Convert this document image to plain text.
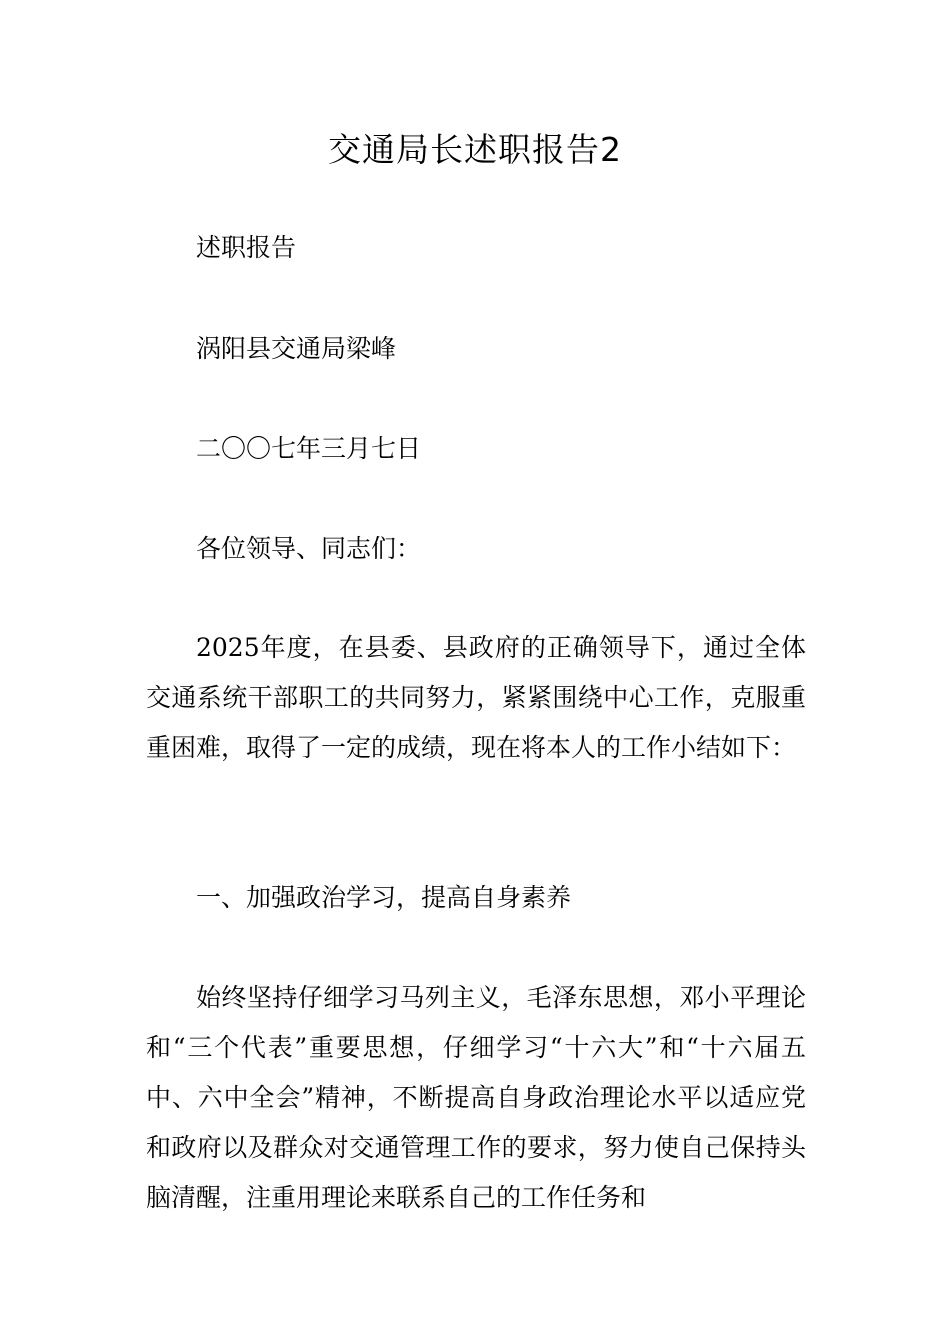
交通局长述职报告2
述职报告
涡阳县交通局梁峰
二〇〇七年三月七日
各位领导、同志们：

2025年度，在县委、县政府的正确领导下，通过全体交通系统干部职工的共同努力，紧紧围绕中心工作，克服重重困难，取得了一定的成绩，现在将本人的工作小结如下：

一、加强政治学习，提高自身素养

始终坚持仔细学习马列主义，毛泽东思想，邓小平理论和“三个代表”重要思想，仔细学习“十六大”和“十六届五中、六中全会”精神，不断提高自身政治理论水平以适应党和政府以及群众对交通管理工作的要求，努力使自己保持头脑清醒，注重用理论来联系自己的工作任务和
